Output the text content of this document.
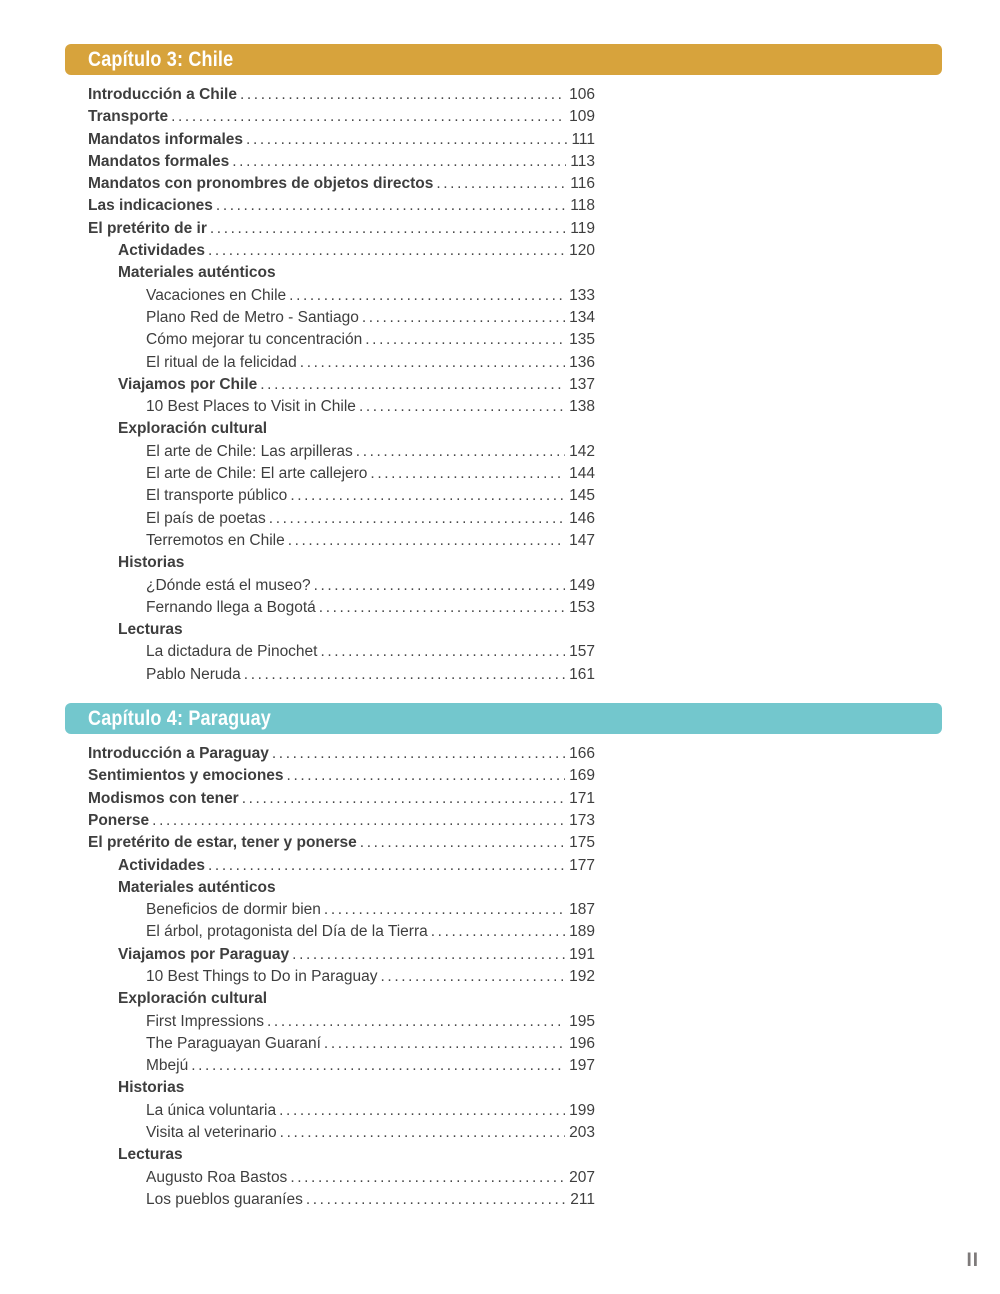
Capítulo 3: Chile
Introducción a Chile .....	106
Transporte .....	109
Mandatos informales .....	111
Mandatos formales .....	113
Mandatos con pronombres de objetos directos .....	116
Las indicaciones .....	118
El pretérito de ir .....	119
Actividades .....	120
Materiales auténticos
Vacaciones en Chile .....	133
Plano Red de Metro - Santiago .....	134
Cómo mejorar tu concentración .....	135
El ritual de la felicidad .....	136
Viajamos por Chile .....	137
10 Best Places to Visit in Chile .....	138
Exploración cultural
El arte de Chile: Las arpilleras .....	142
El arte de Chile: El arte callejero .....	144
El transporte público .....	145
El país de poetas .....	146
Terremotos en Chile .....	147
Historias
¿Dónde está el museo? .....	149
Fernando llega a Bogotá .....	153
Lecturas
La dictadura de Pinochet .....	157
Pablo Neruda .....	161
Capítulo 4: Paraguay
Introducción a Paraguay .....	166
Sentimientos y emociones .....	169
Modismos con tener .....	171
Ponerse .....	173
El pretérito de estar, tener y ponerse .....	175
Actividades .....	177
Materiales auténticos
Beneficios de dormir bien .....	187
El árbol, protagonista del Día de la Tierra .....	189
Viajamos por Paraguay .....	191
10 Best Things to Do in Paraguay .....	192
Exploración cultural
First Impressions .....	195
The Paraguayan Guaraní .....	196
Mbejú .....	197
Historias
La única voluntaria .....	199
Visita al veterinario .....	203
Lecturas
Augusto Roa Bastos .....	207
Los pueblos guaraníes .....	211
II
